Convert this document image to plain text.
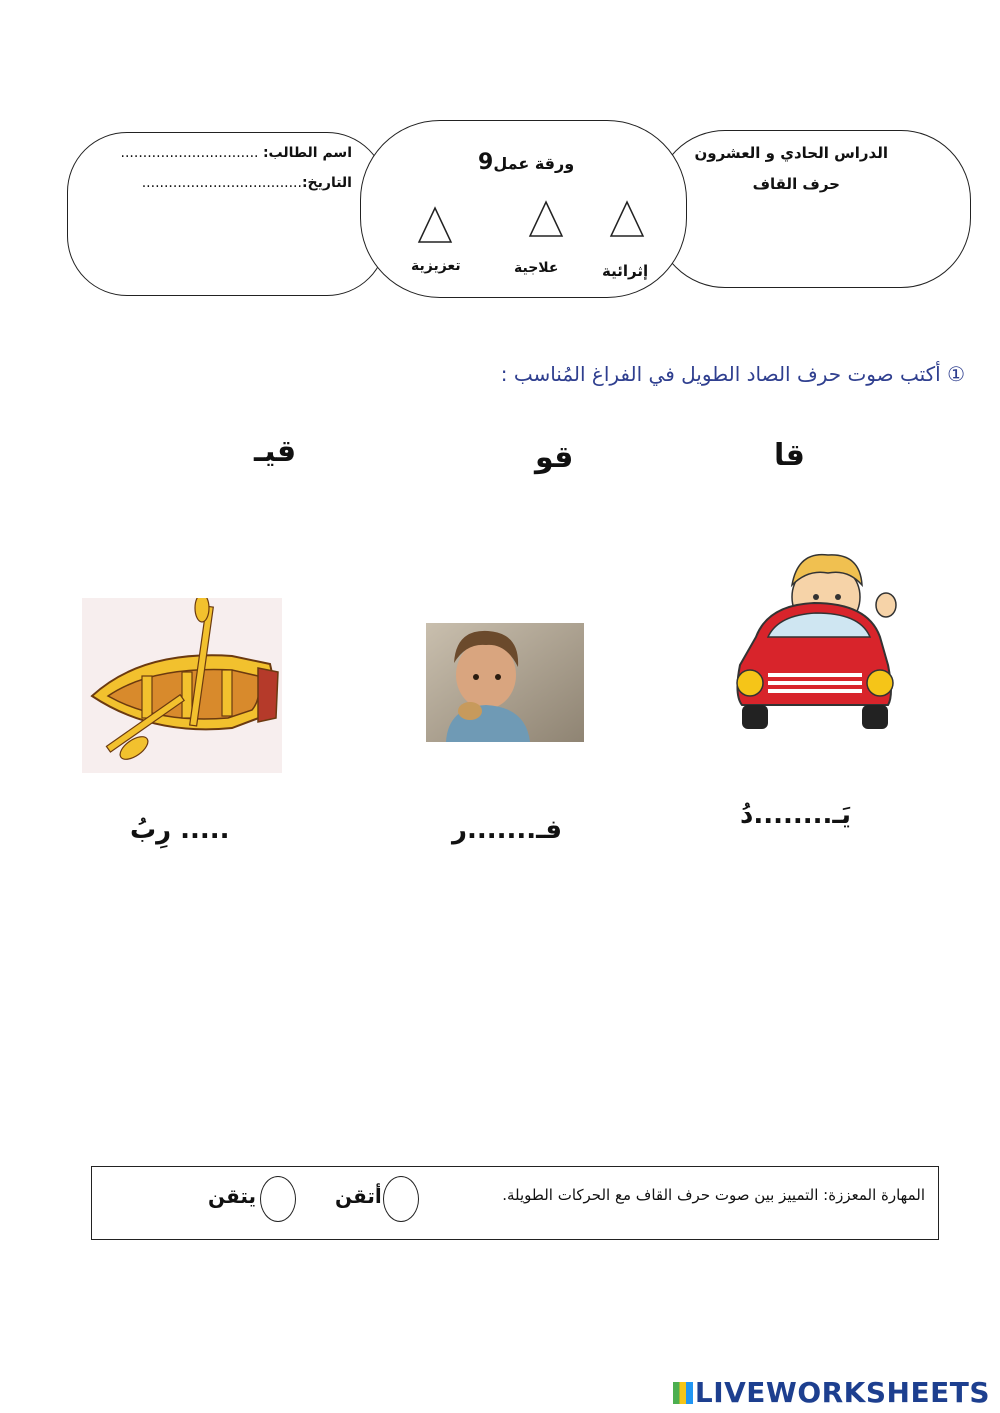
الدراس الحادي و العشرون
حرف القاف
ورقة عمل9
إثرائية
علاجية
تعزيزية
اسم الطالب: ...............................
التاريخ:....................................
① أكتب صوت حرف الصاد الطويل في الفراغ المُناسب :
قا
قو
قيـ
يَـ........دُ
فـ.......ر
..... رِبُ
المهارة المعززة: التمييز بين صوت حرف القاف مع الحركات الطويلة.
أتقن
يتقن
LIVEWORKSHEETS
